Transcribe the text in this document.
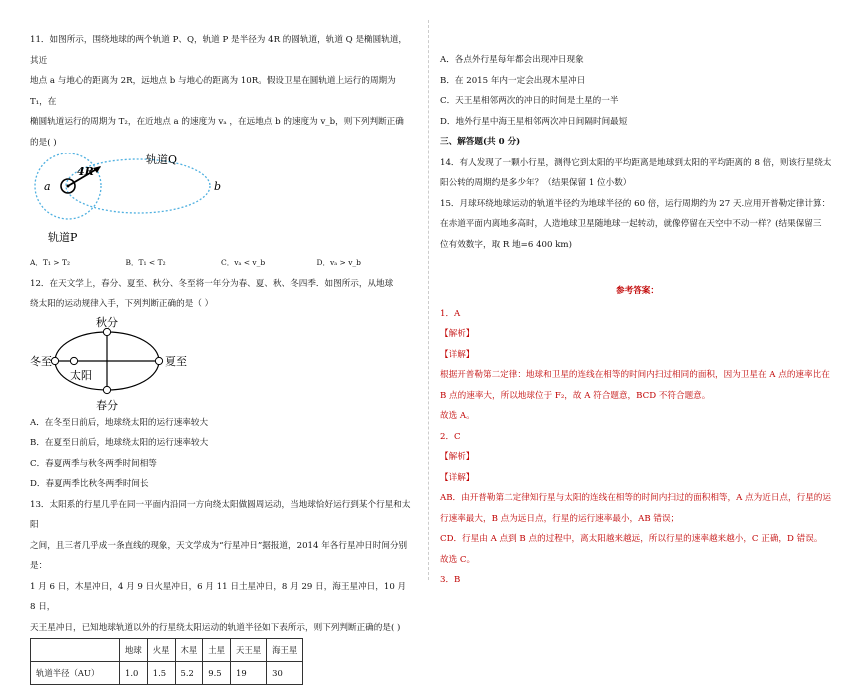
11．如图所示，围绕地球的两个轨道 P、Q，轨道 P 是半径为 4R 的圆轨道，轨道 Q 是椭圆轨道，其近

地点 a 与地心的距离为 2R，远地点 b 与地心的距离为 10R。假设卫星在圆轨道上运行的周期为 T₁，在

椭圆轨道运行的周期为 T₂，在近地点 a 的速度为 vₐ ，在远地点 b 的速度为 v_b，则下列判断正确的是( )

4R
a	b
轨道Q
轨道P
A．T₁ > T₂	B．T₁ < T₂	C．vₐ < v_b	D．vₐ > v_b

12．在天文学上，春分、夏至、秋分、冬至将一年分为春、夏、秋、冬四季．如图所示，从地球

绕太阳的运动规律入手，下列判断正确的是（ ）

秋分
冬至	夏至
春分
太阳

A．在冬至日前后，地球绕太阳的运行速率较大

B．在夏至日前后，地球绕太阳的运行速率较大

C．春夏两季与秋冬两季时间相等

D．春夏两季比秋冬两季时间长

13．太阳系的行星几乎在同一平面内沿同一方向绕太阳做圆周运动，当地球恰好运行到某个行星和太阳

之间，且三者几乎成一条直线的现象，天文学成为“行星冲日”据报道，2014 年各行星冲日时间分别是：

1 月 6 日，木星冲日，4 月 9 日火星冲日，6 月 11 日土星冲日，8 月 29 日，海王星冲日，10 月 8 日，

天王星冲日，已知地球轨道以外的行星绕太阳运动的轨道半径如下表所示，则下列判断正确的是( )

	地球	火星	木星	土星	天王星	海王星
轨道半径（AU）	1.0	1.5	5.2	9.5	19	30

A．各点外行星每年都会出现冲日现象

B．在 2015 年内一定会出现木星冲日

C．天王星相邻两次的冲日的时间是土星的一半

D．地外行星中海王星相邻两次冲日间隔时间最短

三、解答题(共 0 分)

14．有人发现了一颗小行星，测得它到太阳的平均距离是地球到太阳的平均距离的 8 倍，则该行星绕太

阳公转的周期约是多少年？（结果保留 1 位小数）

15．月球环绕地球运动的轨道半径约为地球半径的 60 倍，运行周期约为 27 天.应用开普勒定律计算：

在赤道平面内离地多高时，人造地球卫星随地球一起转动，就像停留在天空中不动一样？(结果保留三

位有效数字，取 R 地=6 400 km)

参考答案：

1．A

【解析】

【详解】

根据开普勒第二定律：地球和卫星的连线在相等的时间内扫过相同的面积，因为卫星在 A 点的速率比在

B 点的速率大，所以地球位于 F₂，故 A 符合题意，BCD 不符合题意。

故选 A。

2．C

【解析】

【详解】

AB．由开普勒第二定律知行星与太阳的连线在相等的时间内扫过的面积相等，A 点为近日点，行星的运

行速率最大，B 点为远日点，行星的运行速率最小，AB 错误；

CD．行星由 A 点到 B 点的过程中，离太阳越来越远，所以行星的速率越来越小，C 正确，D 错误。

故选 C。

3．B
